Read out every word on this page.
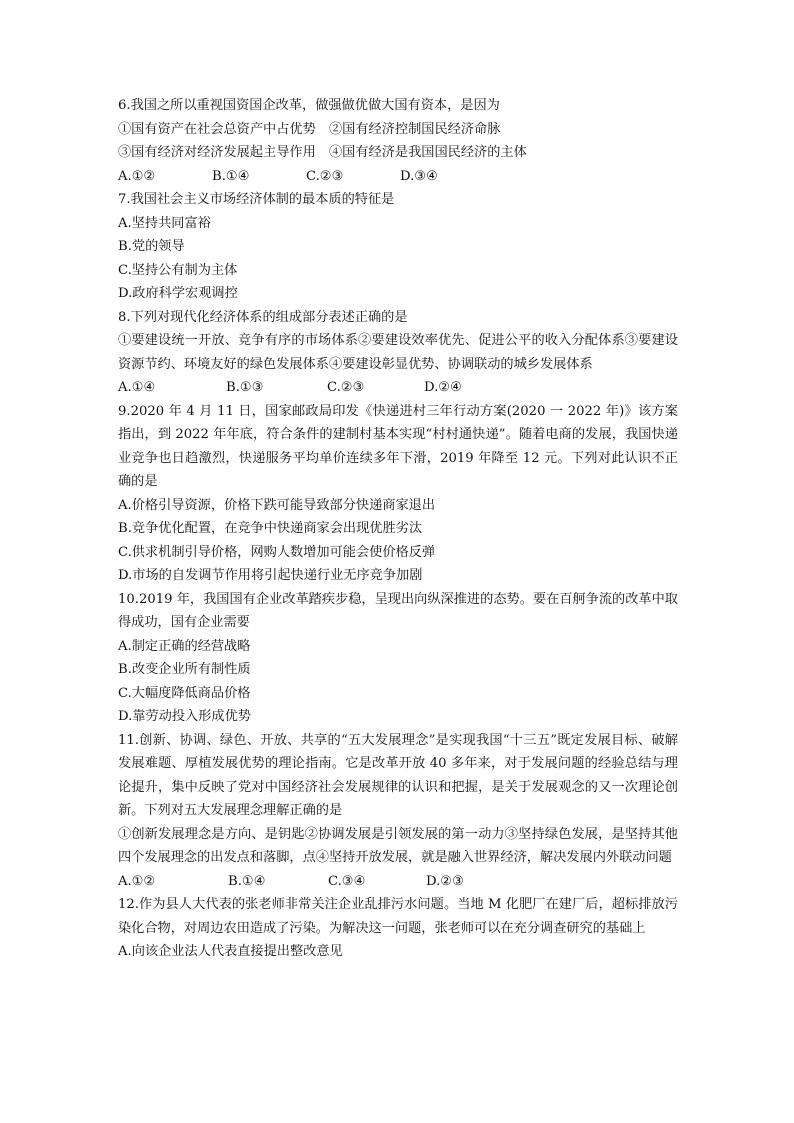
6.我国之所以重视国资国企改革，做强做优做大国有资本，是因为
①国有资产在社会总资产中占优势　②国有经济控制国民经济命脉
③国有经济对经济发展起主导作用　④国有经济是我国国民经济的主体
A.①②	B.①④	C.②③	D.③④
7.我国社会主义市场经济体制的最本质的特征是
A.坚持共同富裕
B.党的领导
C.坚持公有制为主体
D.政府科学宏观调控
8.下列对现代化经济体系的组成部分表述正确的是
①要建设统一开放、竞争有序的市场体系②要建设效率优先、促进公平的收入分配体系③要建设资源节约、环境友好的绿色发展体系④要建设彰显优势、协调联动的城乡发展体系
A.①④	B.①③	C.②③	D.②④
9.2020 年 4 月 11 日，国家邮政局印发《快递进村三年行动方案(2020 一 2022 年)》该方案指出，到 2022 年年底，符合条件的建制村基本实现“村村通快递”。随着电商的发展，我国快递业竞争也日趋激烈，快递服务平均单价连续多年下滑，2019 年降至 12 元。下列对此认识不正确的是
A.价格引导资源，价格下跌可能导致部分快递商家退出
B.竞争优化配置，在竞争中快递商家会出现优胜劣汰
C.供求机制引导价格，网购人数增加可能会使价格反弹
D.市场的自发调节作用将引起快递行业无序竞争加剧
10.2019 年，我国国有企业改革踏疾步稳，呈现出向纵深推进的态势。要在百舸争流的改革中取得成功，国有企业需要
A.制定正确的经营战略
B.改变企业所有制性质
C.大幅度降低商品价格
D.靠劳动投入形成优势
11.创新、协调、绿色、开放、共享的“五大发展理念”是实现我国“十三五”既定发展目标、破解发展难题、厚植发展优势的理论指南。它是改革开放 40 多年来，对于发展问题的经验总结与理论提升，集中反映了党对中国经济社会发展规律的认识和把握，是关于发展观念的又一次理论创新。下列对五大发展理念理解正确的是
①创新发展理念是方向、是钥匙②协调发展是引领发展的第一动力③坚持绿色发展，是坚持其他四个发展理念的出发点和落脚，点④坚持开放发展，就是融入世界经济，解决发展内外联动问题
A.①②	B.①④	C.③④	D.②③
12.作为县人大代表的张老师非常关注企业乱排污水问题。当地 M 化肥厂在建厂后，超标排放污染化合物，对周边农田造成了污染。为解决这一问题，张老师可以在充分调查研究的基础上
A.向该企业法人代表直接提出整改意见
